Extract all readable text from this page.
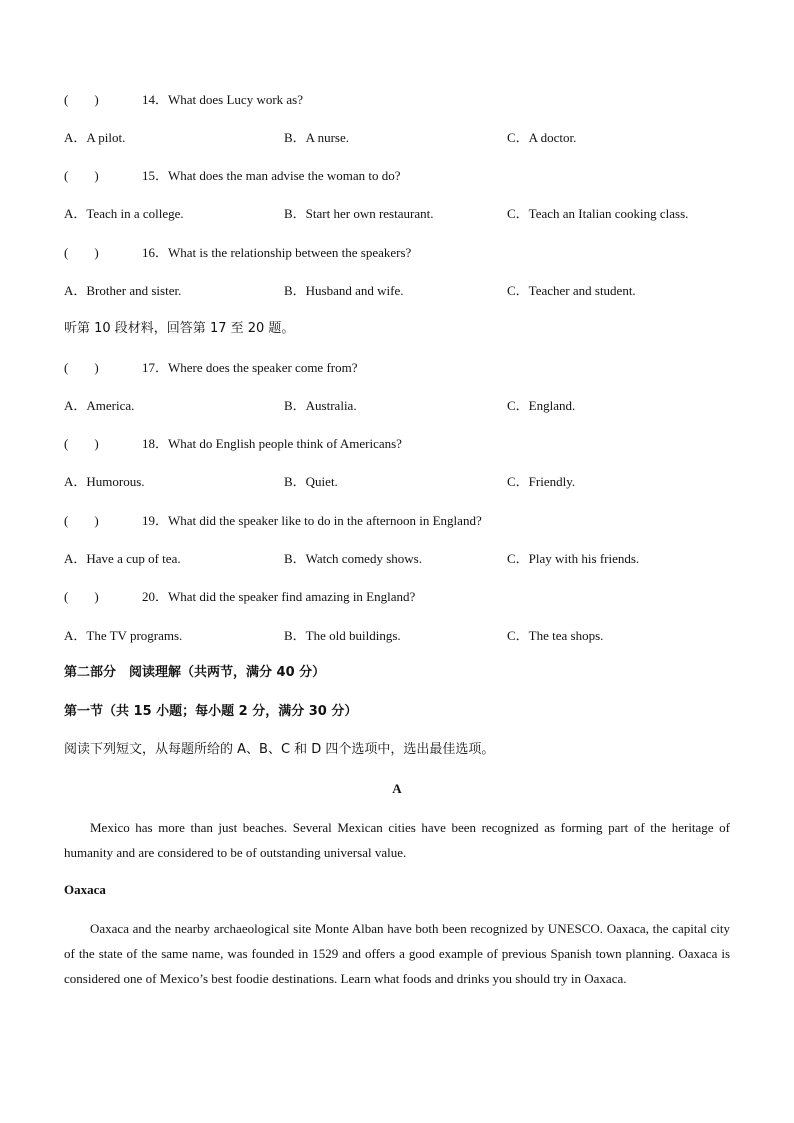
(　　)	14．What does Lucy work as?
A．A pilot.	B．A nurse.	C．A doctor.
(　　)	15．What does the man advise the woman to do?
A．Teach in a college.	B．Start her own restaurant.	C．Teach an Italian cooking class.
(　　)	16．What is the relationship between the speakers?
A．Brother and sister.	B．Husband and wife.	C．Teacher and student.
听第 10 段材料，回答第 17 至 20 题。
(　　)	17．Where does the speaker come from?
A．America.	B．Australia.	C．England.
(　　)	18．What do English people think of Americans?
A．Humorous.	B．Quiet.	C．Friendly.
(　　)	19．What did the speaker like to do in the afternoon in England?
A．Have a cup of tea.	B．Watch comedy shows.	C．Play with his friends.
(　　)	20．What did the speaker find amazing in England?
A．The TV programs.	B．The old buildings.	C．The tea shops.
第二部分　阅读理解（共两节，满分 40 分）
第一节（共 15 小题；每小题 2 分，满分 30 分）
阅读下列短文，从每题所给的 A、B、C 和 D 四个选项中，选出最佳选项。
A
Mexico has more than just beaches. Several Mexican cities have been recognized as forming part of the heritage of humanity and are considered to be of outstanding universal value.
Oaxaca
Oaxaca and the nearby archaeological site Monte Alban have both been recognized by UNESCO. Oaxaca, the capital city of the state of the same name, was founded in 1529 and offers a good example of previous Spanish town planning. Oaxaca is considered one of Mexico’s best foodie destinations. Learn what foods and drinks you should try in Oaxaca.
